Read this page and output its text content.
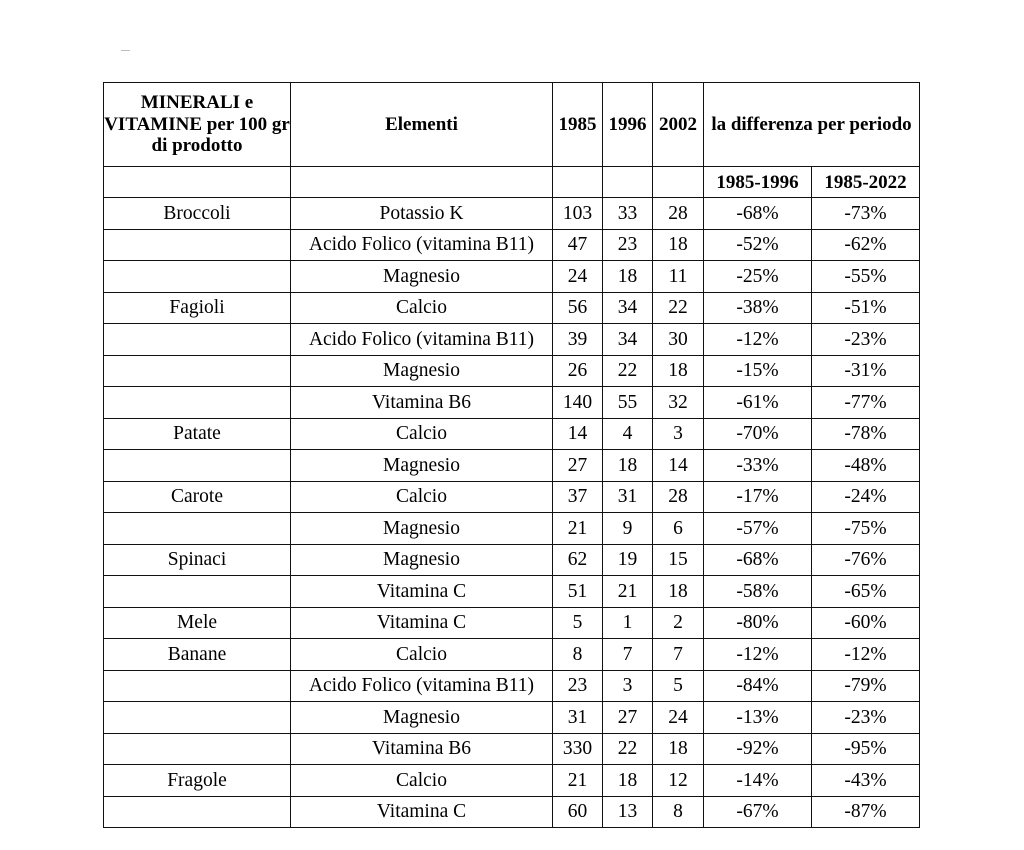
MINERALI e VITAMINE per 100 gr di prodotto	Elementi	1985	1996	2002	la differenza per periodo	
					1985-1996	1985-2022
Broccoli	Potassio K	103	33	28	-68%	-73%
	Acido Folico (vitamina B11)	47	23	18	-52%	-62%
	Magnesio	24	18	11	-25%	-55%
Fagioli	Calcio	56	34	22	-38%	-51%
	Acido Folico (vitamina B11)	39	34	30	-12%	-23%
	Magnesio	26	22	18	-15%	-31%
	Vitamina B6	140	55	32	-61%	-77%
Patate	Calcio	14	4	3	-70%	-78%
	Magnesio	27	18	14	-33%	-48%
Carote	Calcio	37	31	28	-17%	-24%
	Magnesio	21	9	6	-57%	-75%
Spinaci	Magnesio	62	19	15	-68%	-76%
	Vitamina C	51	21	18	-58%	-65%
Mele	Vitamina C	5	1	2	-80%	-60%
Banane	Calcio	8	7	7	-12%	-12%
	Acido Folico (vitamina B11)	23	3	5	-84%	-79%
	Magnesio	31	27	24	-13%	-23%
	Vitamina B6	330	22	18	-92%	-95%
Fragole	Calcio	21	18	12	-14%	-43%
	Vitamina C	60	13	8	-67%	-87%
